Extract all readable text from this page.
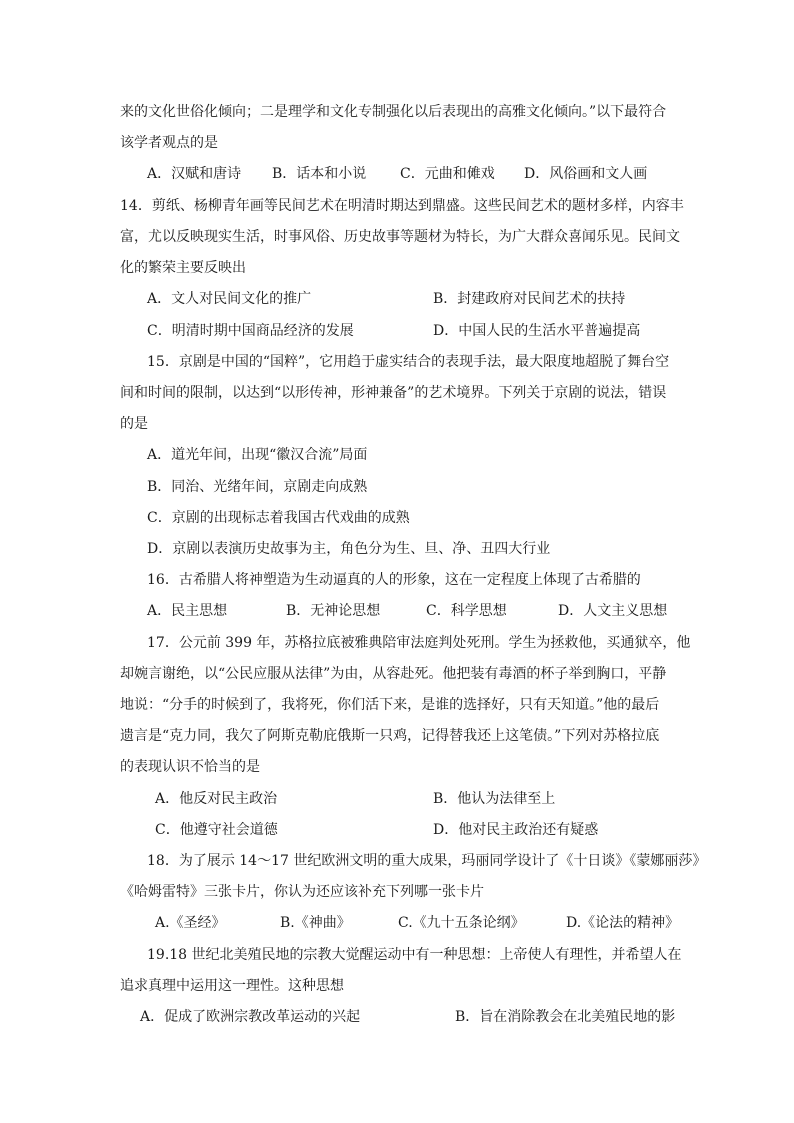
来的文化世俗化倾向；二是理学和文化专制强化以后表现出的高雅文化倾向。”以下最符合
该学者观点的是
A．汉赋和唐诗 B．话本和小说 C．元曲和傩戏 D．风俗画和文人画
14．剪纸、杨柳青年画等民间艺术在明清时期达到鼎盛。这些民间艺术的题材多样，内容丰
富，尤以反映现实生活，时事风俗、历史故事等题材为特长，为广大群众喜闻乐见。民间文
化的繁荣主要反映出
A．文人对民间文化的推广	B．封建政府对民间艺术的扶持
C．明清时期中国商品经济的发展	D．中国人民的生活水平普遍提高
15．京剧是中国的“国粹”，它用趋于虚实结合的表现手法，最大限度地超脱了舞台空
间和时间的限制，以达到“以形传神，形神兼备”的艺术境界。下列关于京剧的说法，错误
的是
A．道光年间，出现“徽汉合流”局面
B．同治、光绪年间，京剧走向成熟
C．京剧的出现标志着我国古代戏曲的成熟
D．京剧以表演历史故事为主，角色分为生、旦、净、丑四大行业
16．古希腊人将神塑造为生动逼真的人的形象，这在一定程度上体现了古希腊的
A．民主思想	B．无神论思想	C．科学思想	D．人文主义思想
17．公元前 399 年，苏格拉底被雅典陪审法庭判处死刑。学生为拯救他，买通狱卒，他
却婉言谢绝，以“公民应服从法律”为由，从容赴死。他把装有毒酒的杯子举到胸口，平静
地说：“分手的时候到了，我将死，你们活下来，是谁的选择好，只有天知道。”他的最后
遗言是“克力同，我欠了阿斯克勒庇俄斯一只鸡，记得替我还上这笔债。”下列对苏格拉底
的表现认识不恰当的是
A．他反对民主政治	B．他认为法律至上
C．他遵守社会道德	D．他对民主政治还有疑惑
18．为了展示 14～17 世纪欧洲文明的重大成果，玛丽同学设计了《十日谈》《蒙娜丽莎》
《哈姆雷特》三张卡片，你认为还应该补充下列哪一张卡片
A.《圣经》	B.《神曲》	C.《九十五条论纲》	D.《论法的精神》
19.18 世纪北美殖民地的宗教大觉醒运动中有一种思想：上帝使人有理性，并希望人在
追求真理中运用这一理性。这种思想
A．促成了欧洲宗教改革运动的兴起	B．旨在消除教会在北美殖民地的影
